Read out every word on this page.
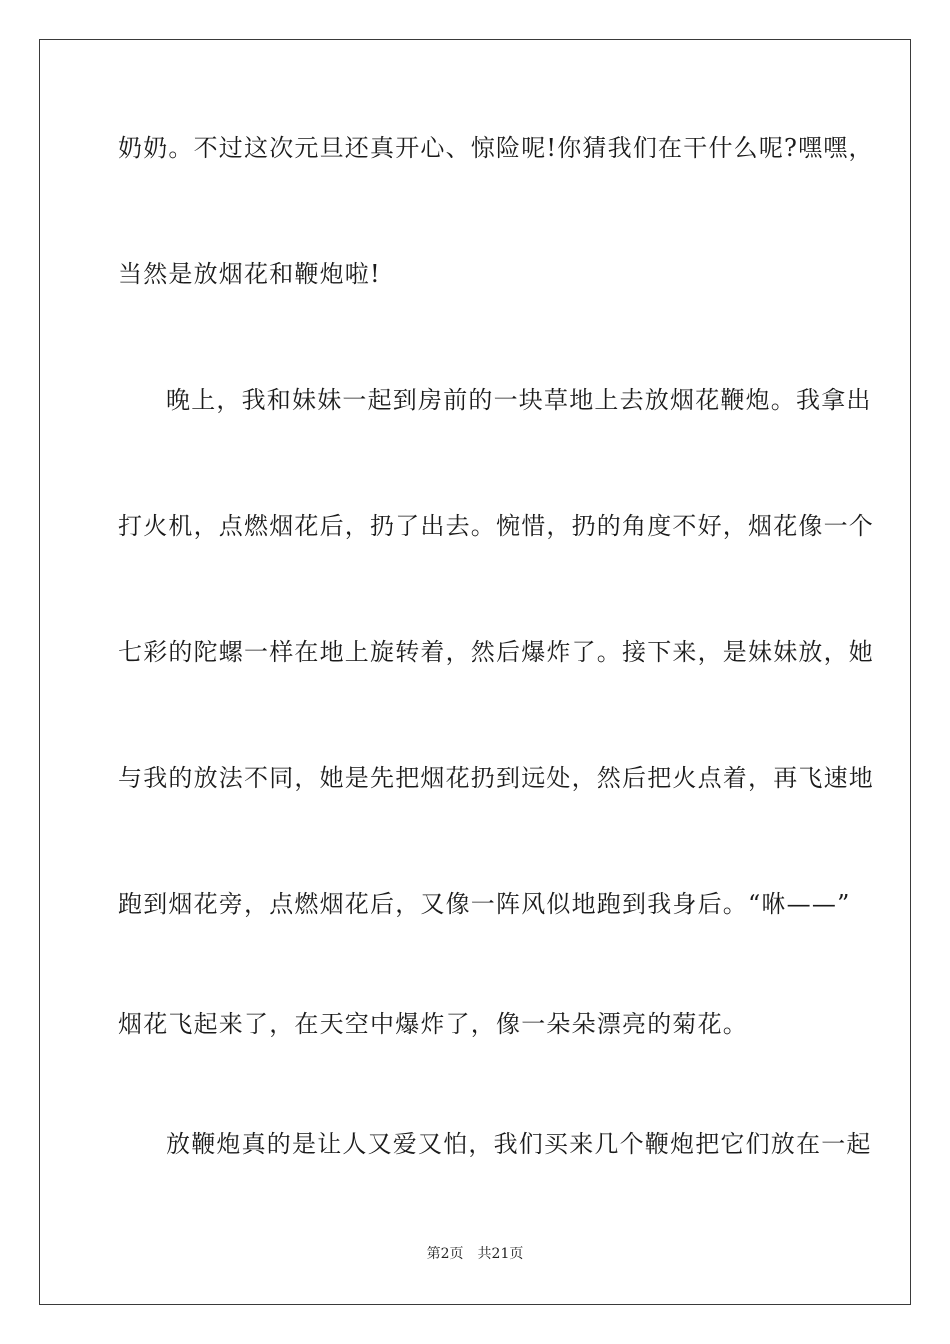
奶奶。不过这次元旦还真开心、惊险呢!你猜我们在干什么呢?嘿嘿，
当然是放烟花和鞭炮啦!
晚上，我和妹妹一起到房前的一块草地上去放烟花鞭炮。我拿出
打火机，点燃烟花后，扔了出去。惋惜，扔的角度不好，烟花像一个
七彩的陀螺一样在地上旋转着，然后爆炸了。接下来，是妹妹放，她
与我的放法不同，她是先把烟花扔到远处，然后把火点着，再飞速地
跑到烟花旁，点燃烟花后，又像一阵风似地跑到我身后。“咻——”
烟花飞起来了，在天空中爆炸了，像一朵朵漂亮的菊花。
放鞭炮真的是让人又爱又怕，我们买来几个鞭炮把它们放在一起
第2页 共21页
